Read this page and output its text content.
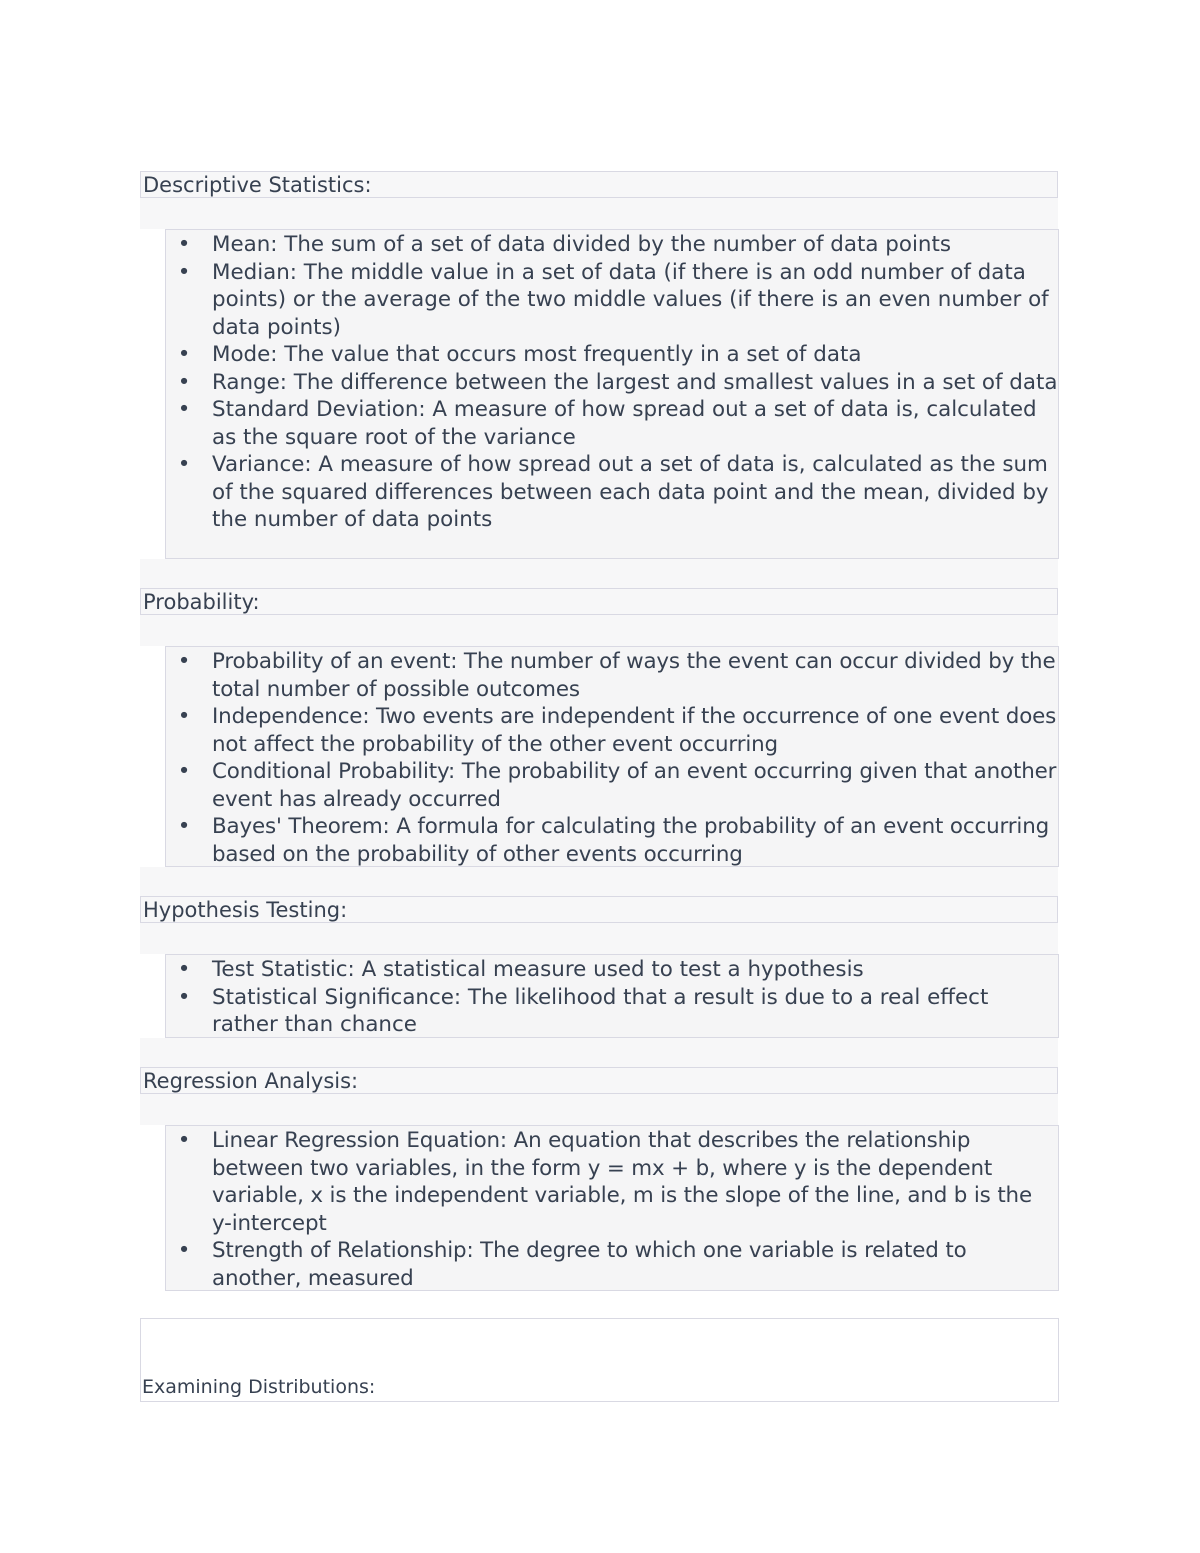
Descriptive Statistics:
• Mean: The sum of a set of data divided by the number of data points
• Median: The middle value in a set of data (if there is an odd number of data points) or the average of the two middle values (if there is an even number of data points)
• Mode: The value that occurs most frequently in a set of data
• Range: The difference between the largest and smallest values in a set of data
• Standard Deviation: A measure of how spread out a set of data is, calculated as the square root of the variance
• Variance: A measure of how spread out a set of data is, calculated as the sum of the squared differences between each data point and the mean, divided by the number of data points
Probability:
• Probability of an event: The number of ways the event can occur divided by the total number of possible outcomes
• Independence: Two events are independent if the occurrence of one event does not affect the probability of the other event occurring
• Conditional Probability: The probability of an event occurring given that another event has already occurred
• Bayes' Theorem: A formula for calculating the probability of an event occurring based on the probability of other events occurring
Hypothesis Testing:
• Test Statistic: A statistical measure used to test a hypothesis
• Statistical Significance: The likelihood that a result is due to a real effect rather than chance
Regression Analysis:
• Linear Regression Equation: An equation that describes the relationship between two variables, in the form y = mx + b, where y is the dependent variable, x is the independent variable, m is the slope of the line, and b is the y-intercept
• Strength of Relationship: The degree to which one variable is related to another, measured
Examining Distributions:
